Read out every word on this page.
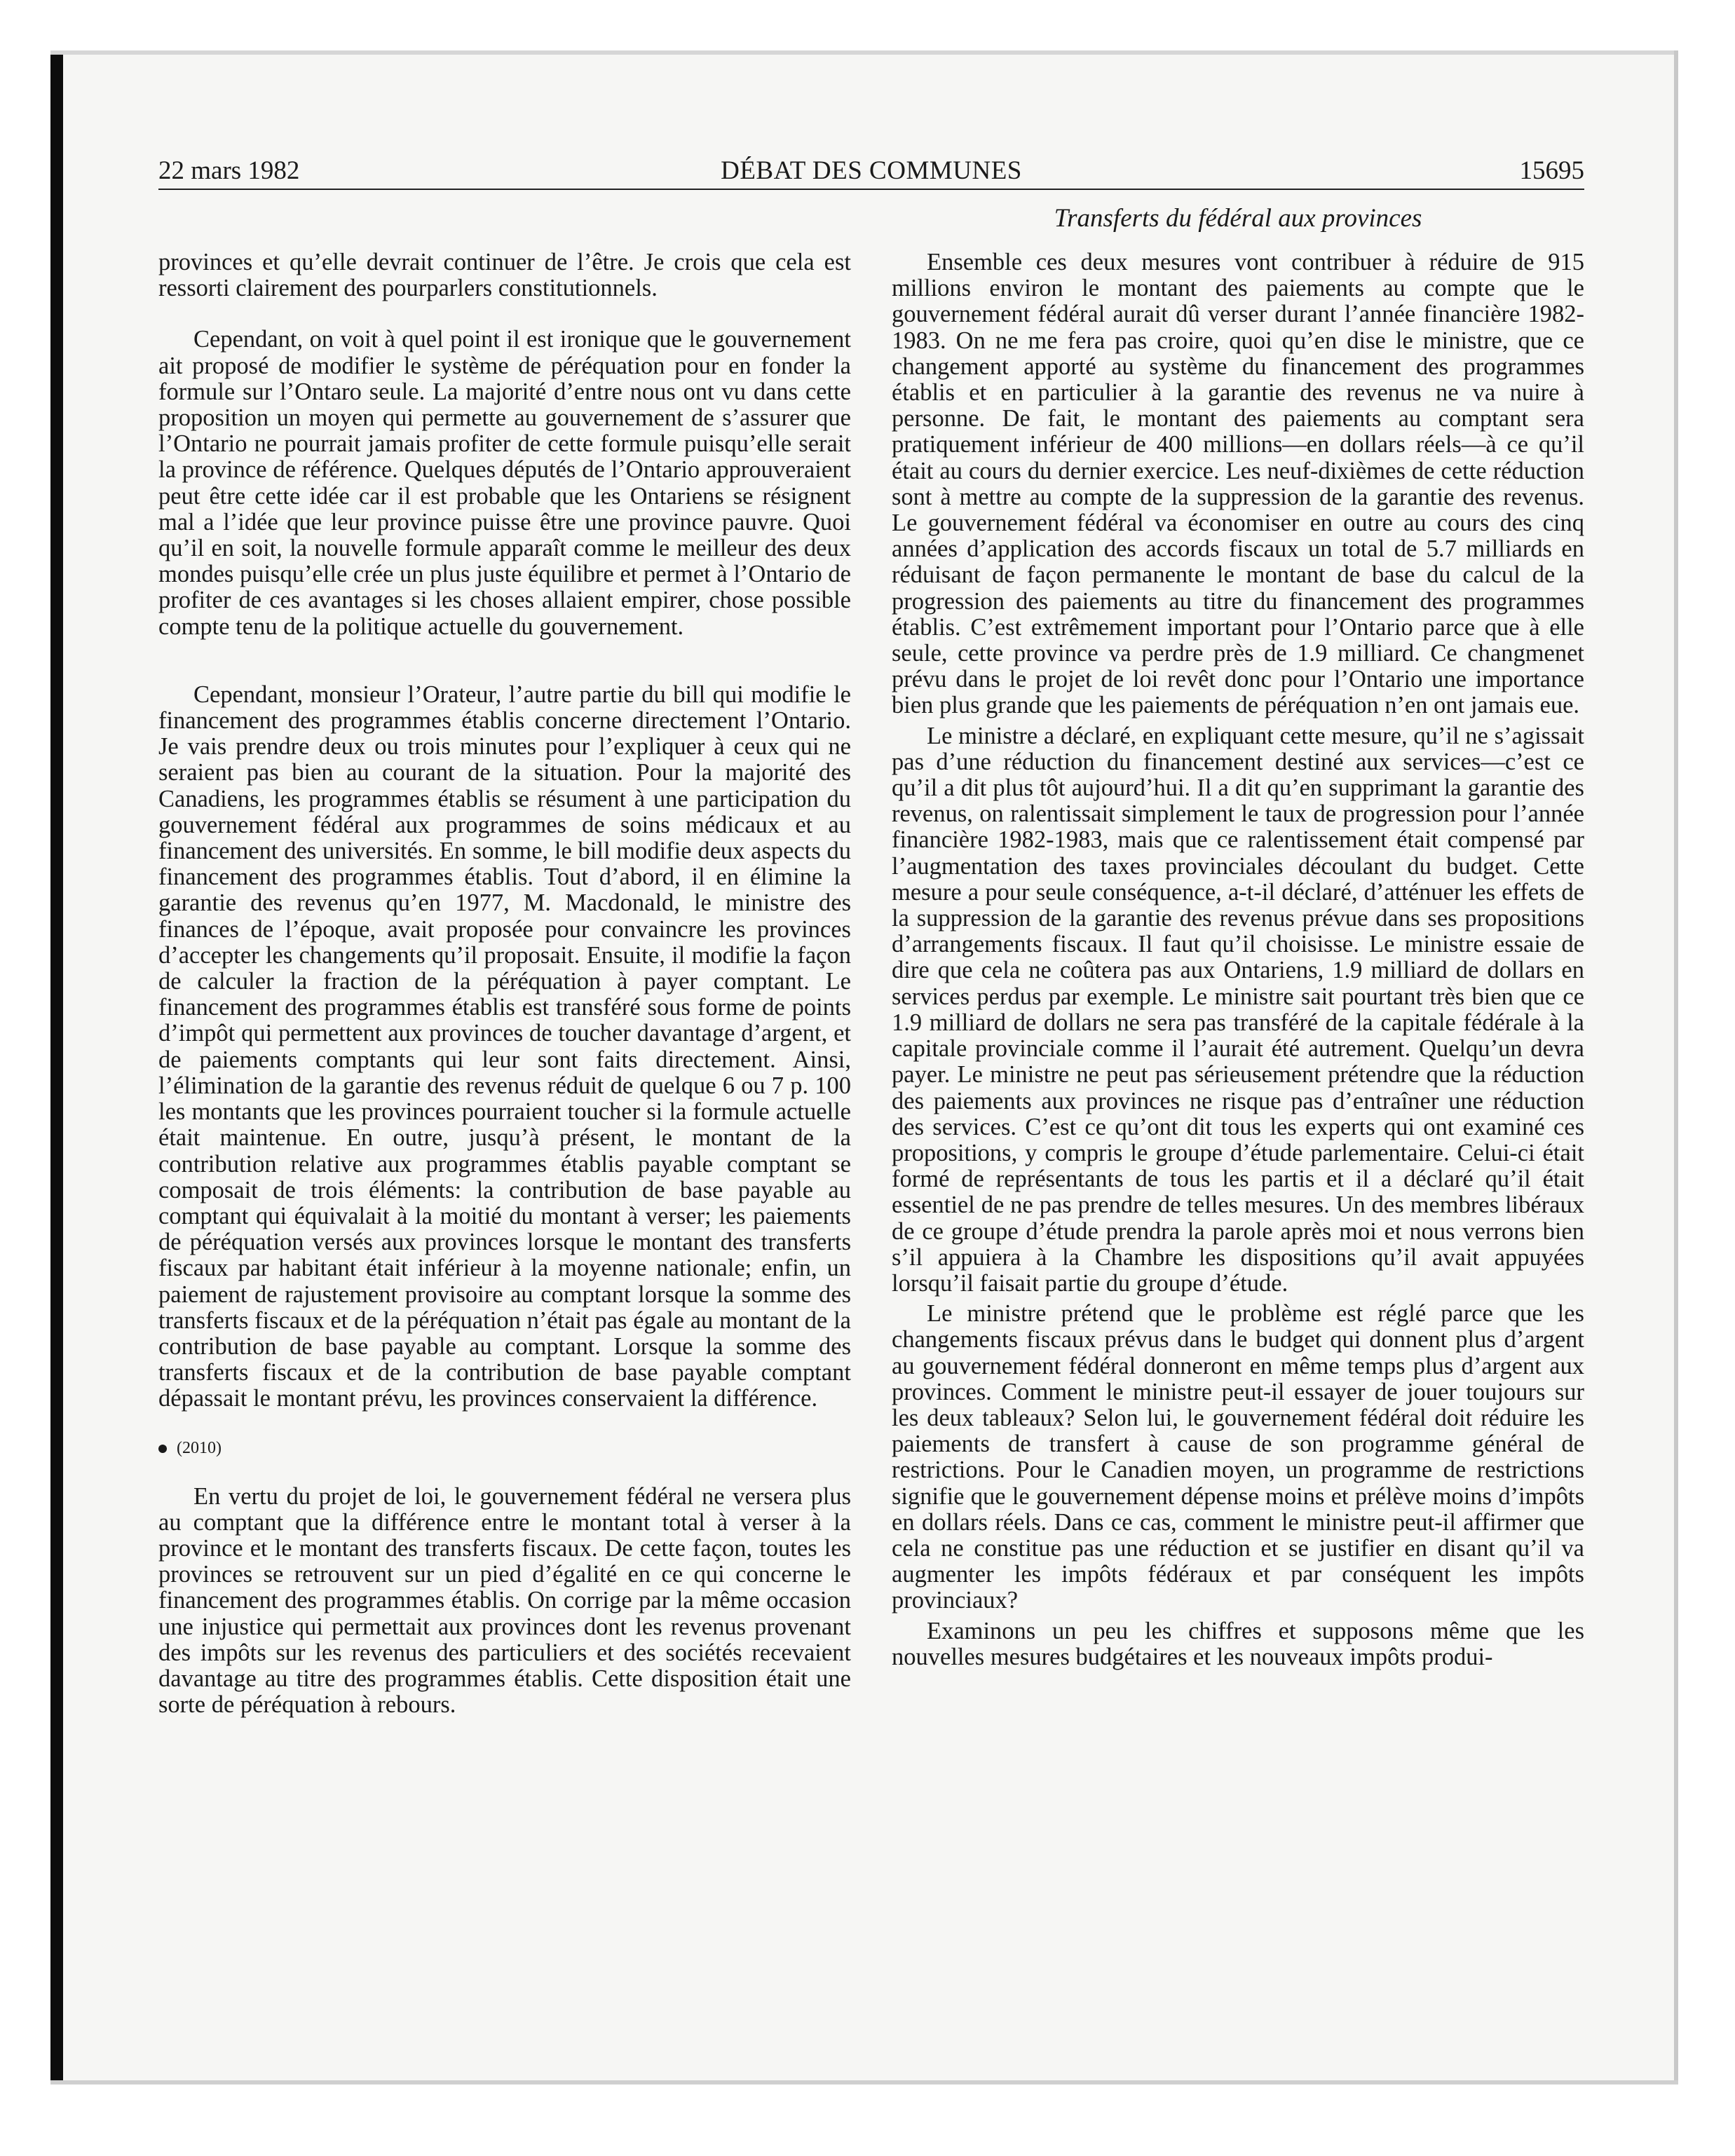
22 mars 1982	DÉBAT DES COMMUNES	15695
Transferts du fédéral aux provinces

provinces et qu’elle devrait continuer de l’être. Je crois que cela est ressorti clairement des pourparlers constitutionnels.

Cependant, on voit à quel point il est ironique que le gouvernement ait proposé de modifier le système de péréquation pour en fonder la formule sur l’Ontaro seule. La majorité d’entre nous ont vu dans cette proposition un moyen qui permette au gouvernement de s’assurer que l’Ontario ne pourrait jamais profiter de cette formule puisqu’elle serait la province de référence. Quelques députés de l’Ontario approuveraient peut être cette idée car il est probable que les Ontariens se résignent mal a l’idée que leur province puisse être une province pauvre. Quoi qu’il en soit, la nouvelle formule apparaît comme le meilleur des deux mondes puisqu’elle crée un plus juste équilibre et permet à l’Ontario de profiter de ces avantages si les choses allaient empirer, chose possible compte tenu de la politique actuelle du gouvernement.

Cependant, monsieur l’Orateur, l’autre partie du bill qui modifie le financement des programmes établis concerne directement l’Ontario. Je vais prendre deux ou trois minutes pour l’expliquer à ceux qui ne seraient pas bien au courant de la situation. Pour la majorité des Canadiens, les programmes établis se résument à une participation du gouvernement fédéral aux programmes de soins médicaux et au financement des universités. En somme, le bill modifie deux aspects du financement des programmes établis. Tout d’abord, il en élimine la garantie des revenus qu’en 1977, M. Macdonald, le ministre des finances de l’époque, avait proposée pour convaincre les provinces d’accepter les changements qu’il proposait. Ensuite, il modifie la façon de calculer la fraction de la péréquation à payer comptant. Le financement des programmes établis est transféré sous forme de points d’impôt qui permettent aux provinces de toucher davantage d’argent, et de paiements comptants qui leur sont faits directement. Ainsi, l’élimination de la garantie des revenus réduit de quelque 6 ou 7 p. 100 les montants que les provinces pourraient toucher si la formule actuelle était maintenue. En outre, jusqu’à présent, le montant de la contribution relative aux programmes établis payable comptant se composait de trois éléments: la contribution de base payable au comptant qui équivalait à la moitié du montant à verser; les paiements de péréquation versés aux provinces lorsque le montant des transferts fiscaux par habitant était inférieur à la moyenne nationale; enfin, un paiement de rajustement provisoire au comptant lorsque la somme des transferts fiscaux et de la péréquation n’était pas égale au montant de la contribution de base payable au comptant. Lorsque la somme des transferts fiscaux et de la contribution de base payable comptant dépassait le montant prévu, les provinces conservaient la différence.

(2010)

En vertu du projet de loi, le gouvernement fédéral ne versera plus au comptant que la différence entre le montant total à verser à la province et le montant des transferts fiscaux. De cette façon, toutes les provinces se retrouvent sur un pied d’égalité en ce qui concerne le financement des programmes établis. On corrige par la même occasion une injustice qui permettait aux provinces dont les revenus provenant des impôts sur les revenus des particuliers et des sociétés recevaient davantage au titre des programmes établis. Cette disposition était une sorte de péréquation à rebours.

Ensemble ces deux mesures vont contribuer à réduire de 915 millions environ le montant des paiements au compte que le gouvernement fédéral aurait dû verser durant l’année financière 1982-1983. On ne me fera pas croire, quoi qu’en dise le ministre, que ce changement apporté au système du financement des programmes établis et en particulier à la garantie des revenus ne va nuire à personne. De fait, le montant des paiements au comptant sera pratiquement inférieur de 400 millions—en dollars réels—à ce qu’il était au cours du dernier exercice. Les neuf-dixièmes de cette réduction sont à mettre au compte de la suppression de la garantie des revenus. Le gouvernement fédéral va économiser en outre au cours des cinq années d’application des accords fiscaux un total de 5.7 milliards en réduisant de façon permanente le montant de base du calcul de la progression des paiements au titre du financement des programmes établis. C’est extrêmement important pour l’Ontario parce que à elle seule, cette province va perdre près de 1.9 milliard. Ce changmenet prévu dans le projet de loi revêt donc pour l’Ontario une importance bien plus grande que les paiements de péréquation n’en ont jamais eue.

Le ministre a déclaré, en expliquant cette mesure, qu’il ne s’agissait pas d’une réduction du financement destiné aux services—c’est ce qu’il a dit plus tôt aujourd’hui. Il a dit qu’en supprimant la garantie des revenus, on ralentissait simplement le taux de progression pour l’année financière 1982-1983, mais que ce ralentissement était compensé par l’augmentation des taxes provinciales découlant du budget. Cette mesure a pour seule conséquence, a-t-il déclaré, d’atténuer les effets de la suppression de la garantie des revenus prévue dans ses propositions d’arrangements fiscaux. Il faut qu’il choisisse. Le ministre essaie de dire que cela ne coûtera pas aux Ontariens, 1.9 milliard de dollars en services perdus par exemple. Le ministre sait pourtant très bien que ce 1.9 milliard de dollars ne sera pas transféré de la capitale fédérale à la capitale provinciale comme il l’aurait été autrement. Quelqu’un devra payer. Le ministre ne peut pas sérieusement prétendre que la réduction des paiements aux provinces ne risque pas d’entraîner une réduction des services. C’est ce qu’ont dit tous les experts qui ont examiné ces propositions, y compris le groupe d’étude parlementaire. Celui-ci était formé de représentants de tous les partis et il a déclaré qu’il était essentiel de ne pas prendre de telles mesures. Un des membres libéraux de ce groupe d’étude prendra la parole après moi et nous verrons bien s’il appuiera à la Chambre les dispositions qu’il avait appuyées lorsqu’il faisait partie du groupe d’étude.

Le ministre prétend que le problème est réglé parce que les changements fiscaux prévus dans le budget qui donnent plus d’argent au gouvernement fédéral donneront en même temps plus d’argent aux provinces. Comment le ministre peut-il essayer de jouer toujours sur les deux tableaux? Selon lui, le gouvernement fédéral doit réduire les paiements de transfert à cause de son programme général de restrictions. Pour le Canadien moyen, un programme de restrictions signifie que le gouvernement dépense moins et prélève moins d’impôts en dollars réels. Dans ce cas, comment le ministre peut-il affirmer que cela ne constitue pas une réduction et se justifier en disant qu’il va augmenter les impôts fédéraux et par conséquent les impôts provinciaux?

Examinons un peu les chiffres et supposons même que les nouvelles mesures budgétaires et les nouveaux impôts produi-
